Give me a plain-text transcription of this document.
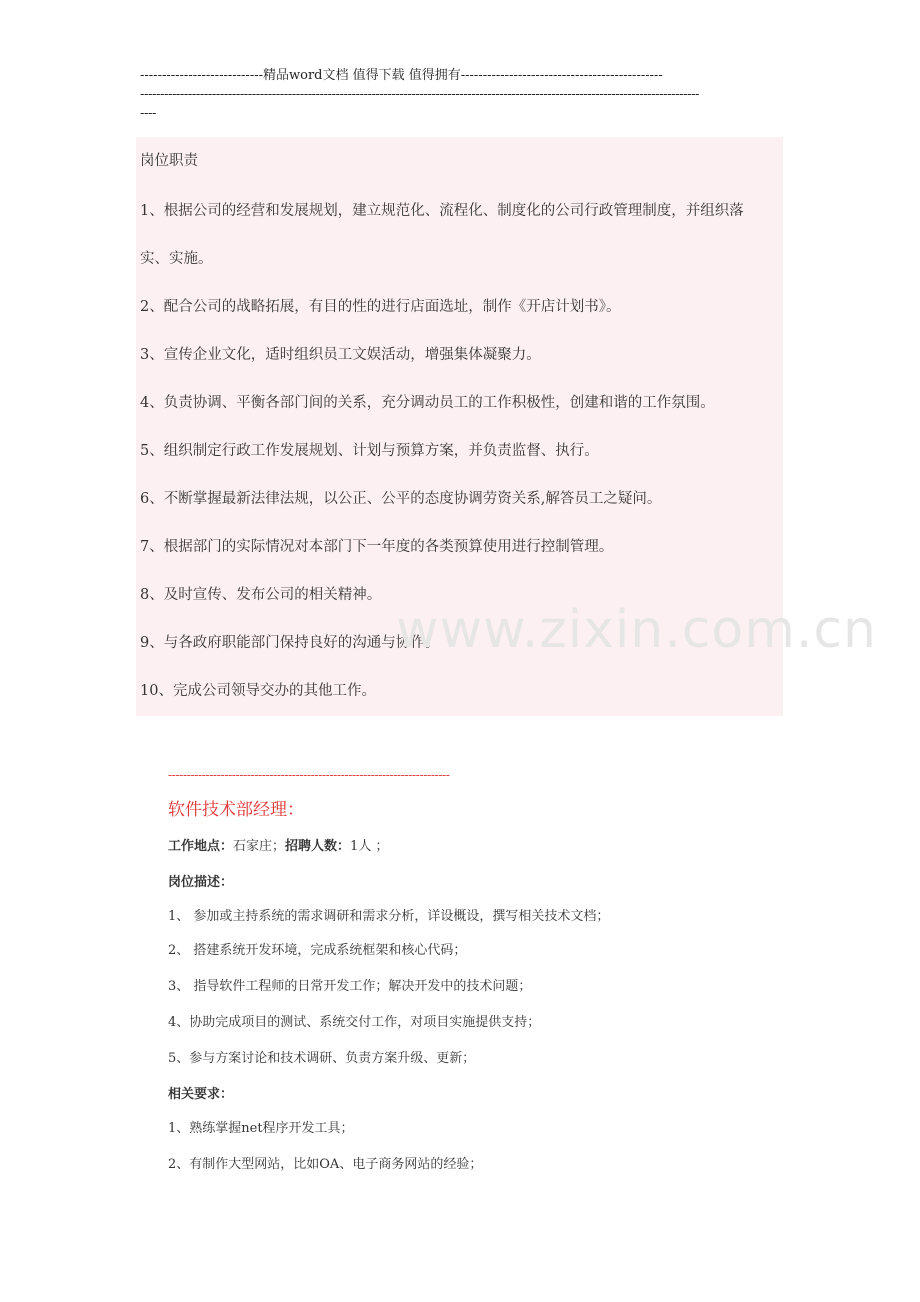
----------------------------精品word文档 值得下载 值得拥有----------------------------------------------
--------------------------------------------------------------------------------------------------------------------------------------------
----
岗位职责
1、根据公司的经营和发展规划，建立规范化、流程化、制度化的公司行政管理制度，并组织落
实、实施。
2、配合公司的战略拓展，有目的性的进行店面选址，制作《开店计划书》。
3、宣传企业文化，适时组织员工文娱活动，增强集体凝聚力。
4、负责协调、平衡各部门间的关系，充分调动员工的工作积极性，创建和谐的工作氛围。
5、组织制定行政工作发展规划、计划与预算方案，并负责监督、执行。
6、不断掌握最新法律法规，以公正、公平的态度协调劳资关系,解答员工之疑问。
7、根据部门的实际情况对本部门下一年度的各类预算使用进行控制管理。
8、及时宣传、发布公司的相关精神。
9、与各政府职能部门保持良好的沟通与协作。
10、完成公司领导交办的其他工作。
www.zixin.com.cn
---------------------------------------------------------------------------
软件技术部经理：
工作地点：石家庄；招聘人数：1人 ；
岗位描述：
1、 参加或主持系统的需求调研和需求分析，详设概设，撰写相关技术文档；
2、 搭建系统开发环境，完成系统框架和核心代码；
3、 指导软件工程师的日常开发工作；解决开发中的技术问题；
4、协助完成项目的测试、系统交付工作，对项目实施提供支持；
5、参与方案讨论和技术调研、负责方案升级、更新；
相关要求：
1、熟练掌握net程序开发工具；
2、有制作大型网站，比如OA、电子商务网站的经验；
